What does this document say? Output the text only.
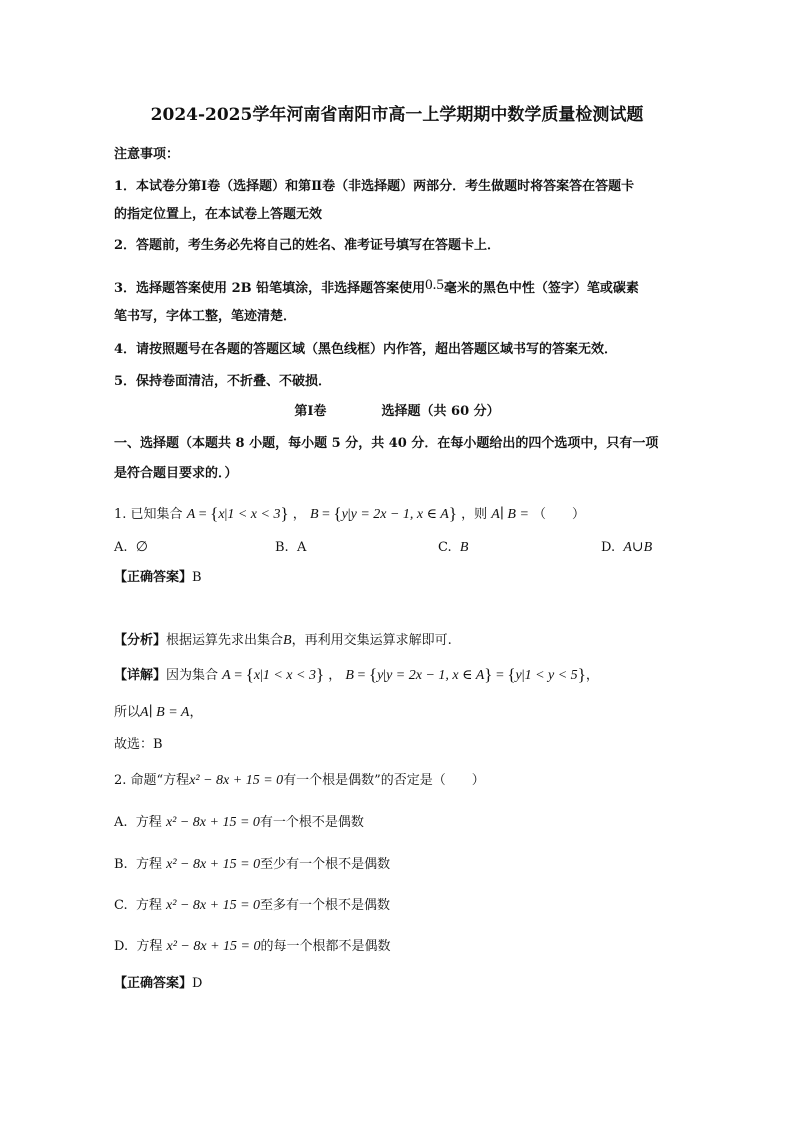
2024-2025学年河南省南阳市高一上学期期中数学质量检测试题
注意事项：
1．本试卷分第Ⅰ卷（选择题）和第Ⅱ卷（非选择题）两部分．考生做题时将答案答在答题卡
的指定位置上，在本试卷上答题无效
2．答题前，考生务必先将自己的姓名、准考证号填写在答题卡上．
3．选择题答案使用 2B 铅笔填涂，非选择题答案使用0.5毫米的黑色中性（签字）笔或碳素
笔书写，字体工整，笔迹清楚．
4．请按照题号在各题的答题区域（黑色线框）内作答，超出答题区域书写的答案无效．
5．保持卷面清洁，不折叠、不破损．
第Ⅰ卷	选择题（共 60 分）
一、选择题（本题共 8 小题，每小题 5 分，共 40 分．在每小题给出的四个选项中，只有一项
是符合题目要求的．）
1. 已知集合 A = {x|1 < x < 3} ， B = {y|y = 2x − 1, x ∈ A} ，则 A∣ B = （　　）
A. ∅	B. A	C. B	D. A∪B
【正确答案】B
【分析】根据运算先求出集合B，再利用交集运算求解即可.
【详解】因为集合 A = {x|1 < x < 3} ， B = {y|y = 2x − 1, x ∈ A} = {y|1 < y < 5}，
所以A∣ B = A，
故选：B
2. 命题“方程x² − 8x + 15 = 0有一个根是偶数”的否定是（　　）
A. 方程 x² − 8x + 15 = 0有一个根不是偶数
B. 方程 x² − 8x + 15 = 0至少有一个根不是偶数
C. 方程 x² − 8x + 15 = 0至多有一个根不是偶数
D. 方程 x² − 8x + 15 = 0的每一个根都不是偶数
【正确答案】D
